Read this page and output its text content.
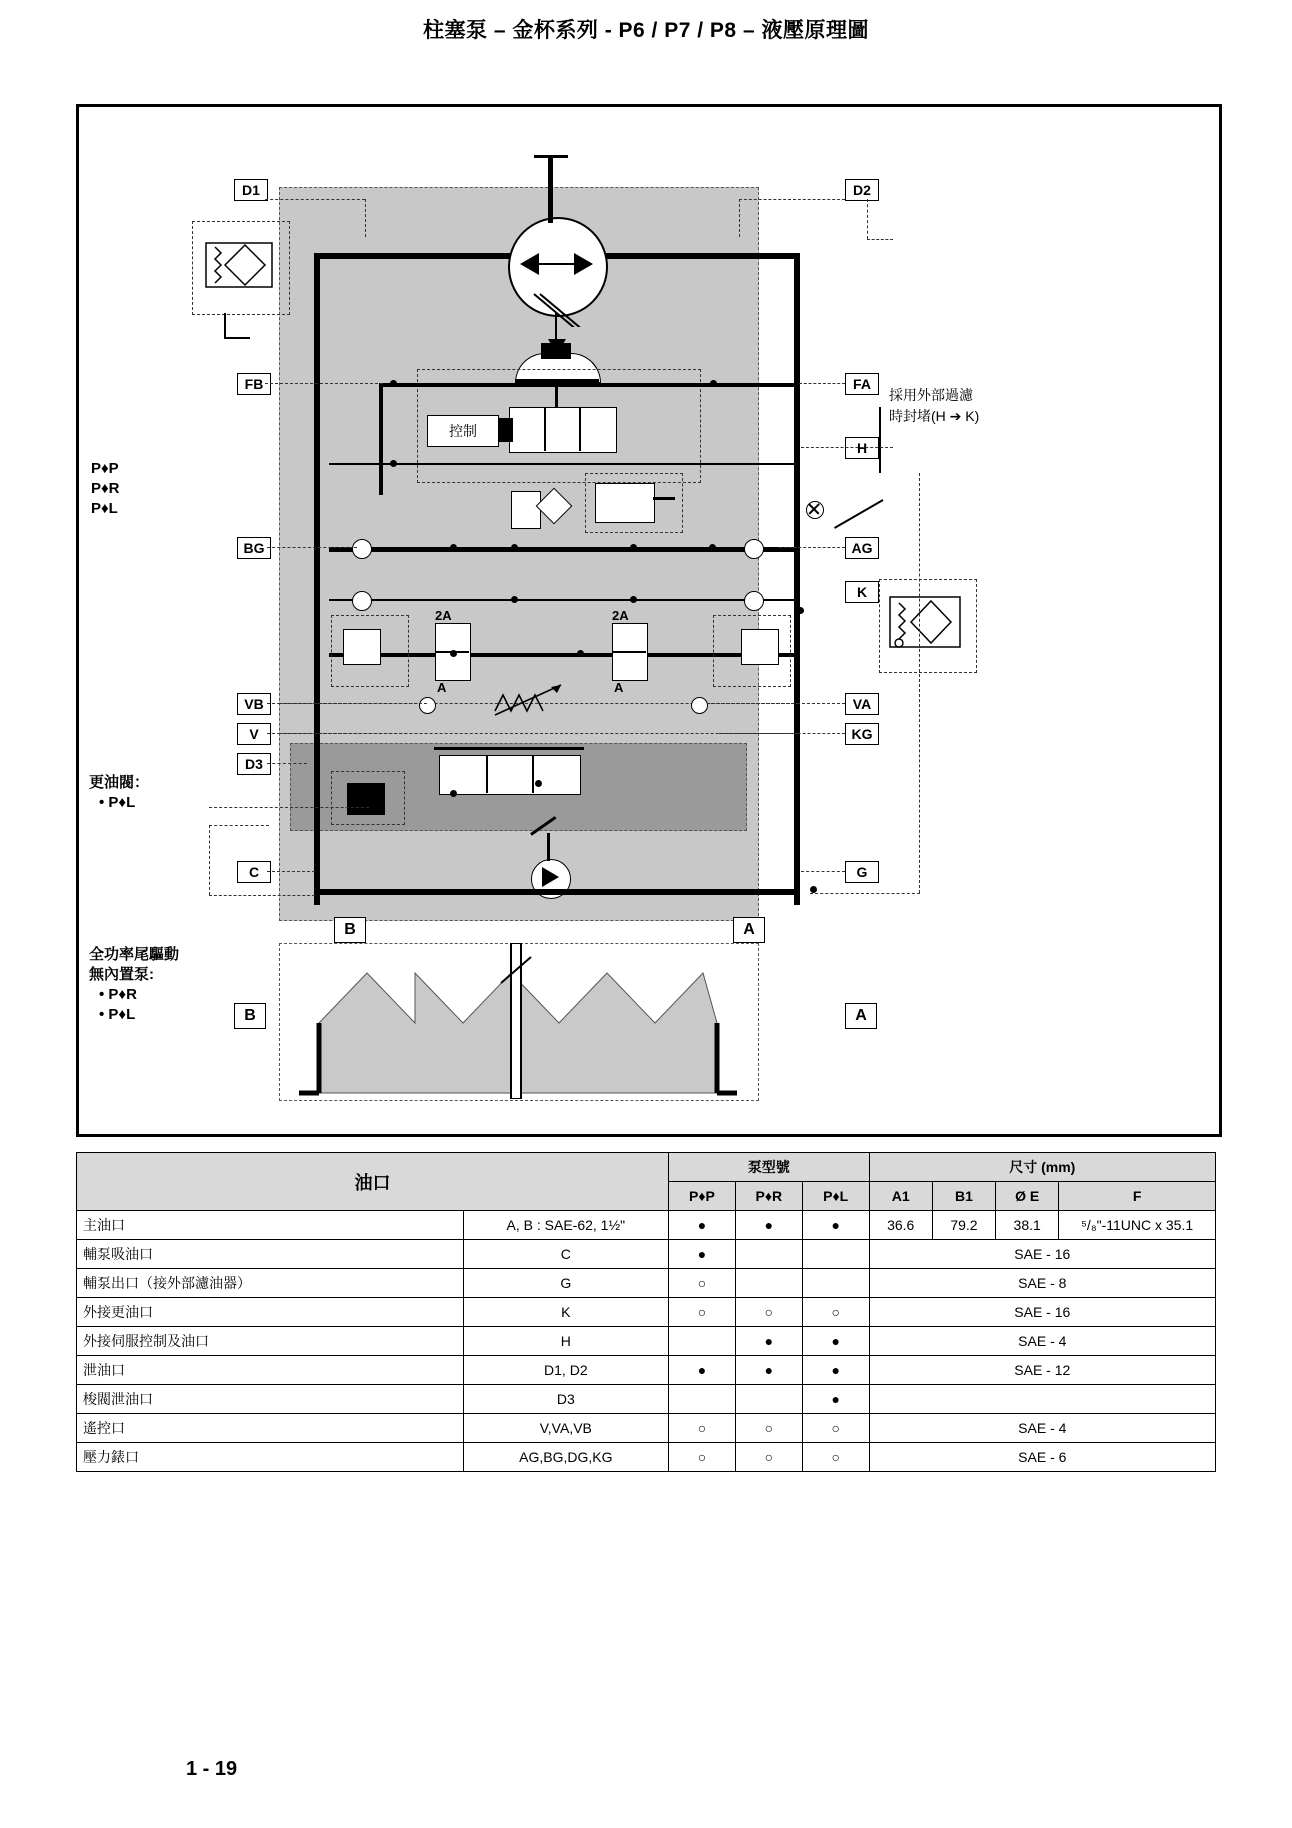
柱塞泵 – 金杯系列 - P6 / P7 / P8 – 液壓原理圖
控制
2A
A
2A
A
採用外部過濾
時封堵(H ➔ K)
D1	D2
FB	FA
H
BG	AG
K
VB	VA
V	KG
D3
C	G
B	A
B	A
P♦P
P♦R
P♦L
更油閥：
• P♦L
全功率尾驅動
無內置泵:
• P♦R
• P♦L
油口		泵型號			尺寸 (mm)			
		P♦P	P♦R	P♦L	A1	B1	Ø E	F
主油口	A, B : SAE-62, 1½"	●	●	●	36.6	79.2	38.1	⁵/₈"-11UNC x 35.1
輔泵吸油口	C	●			SAE - 16			
輔泵出口（接外部濾油器）	G	○			SAE - 8			
外接更油口	K	○	○	○	SAE - 16			
外接伺服控制及油口	H		●	●	SAE - 4			
泄油口	D1, D2	●	●	●	SAE - 12			
梭閥泄油口	D3			●	
遙控口	V,VA,VB	○	○	○	SAE - 4			
壓力錶口	AG,BG,DG,KG	○	○	○	SAE - 6			
1 - 19
